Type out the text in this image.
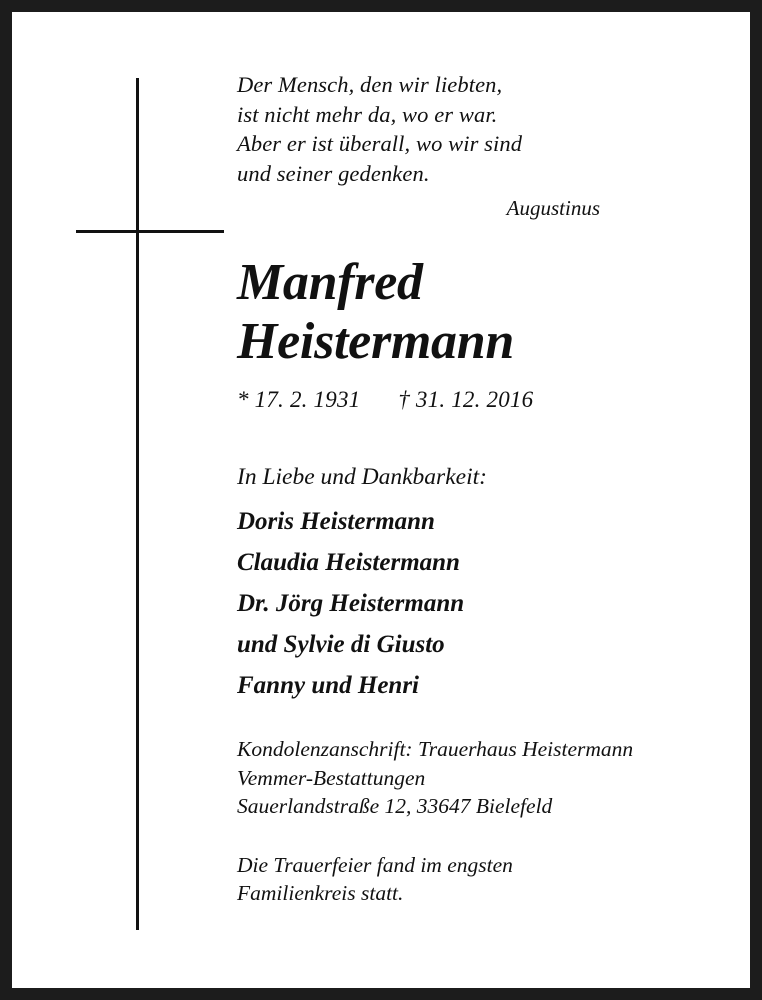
Der Mensch, den wir liebten,
ist nicht mehr da, wo er war.
Aber er ist überall, wo wir sind
und seiner gedenken.
Augustinus
Manfred
Heistermann
* 17. 2. 1931 † 31. 12. 2016
In Liebe und Dankbarkeit:
Doris Heistermann
Claudia Heistermann
Dr. Jörg Heistermann
und Sylvie di Giusto
Fanny und Henri
Kondolenzanschrift: Trauerhaus Heistermann
Vemmer-Bestattungen
Sauerlandstraße 12, 33647 Bielefeld
Die Trauerfeier fand im engsten
Familienkreis statt.
